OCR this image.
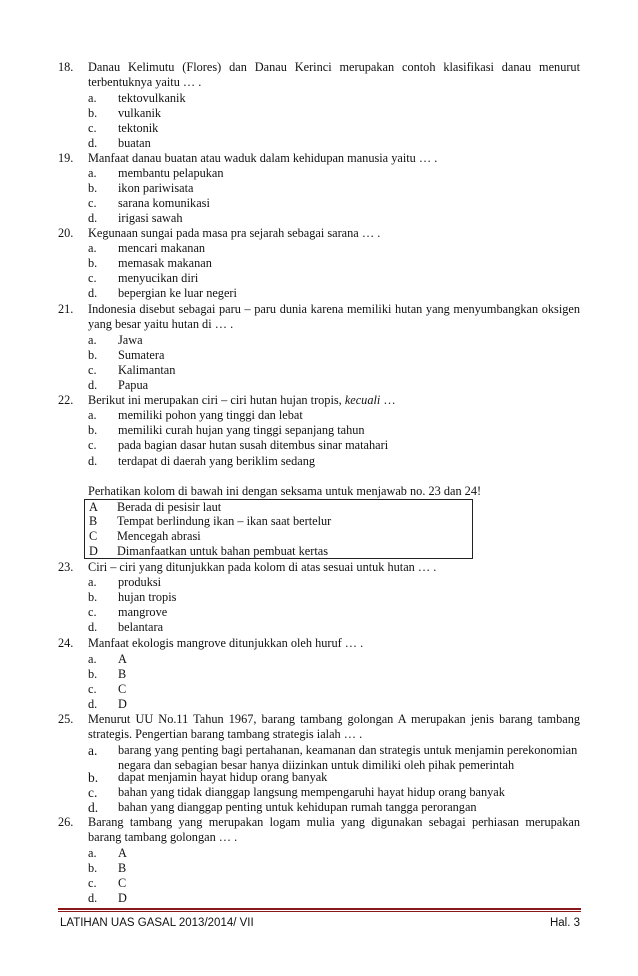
18.	Danau Kelimutu (Flores) dan Danau Kerinci merupakan contoh klasifikasi danau menurut terbentuknya yaitu … .
a.	tektovulkanik
b.	vulkanik
c.	tektonik
d.	buatan
19.	Manfaat danau buatan atau waduk dalam kehidupan manusia yaitu … .
a.	membantu pelapukan
b.	ikon pariwisata
c.	sarana komunikasi
d.	irigasi sawah
20.	Kegunaan sungai pada masa pra sejarah sebagai sarana … .
a.	mencari makanan
b.	memasak makanan
c.	menyucikan diri
d.	bepergian ke luar negeri
21.	Indonesia disebut sebagai paru – paru dunia karena memiliki hutan yang menyumbangkan oksigen yang besar yaitu hutan di … .
a.	Jawa
b.	Sumatera
c.	Kalimantan
d.	Papua
22.	Berikut ini merupakan ciri – ciri hutan hujan tropis, kecuali …
a.	memiliki pohon yang tinggi dan lebat
b.	memiliki curah hujan yang tinggi sepanjang tahun
c.	pada bagian dasar hutan susah ditembus sinar matahari
d.	terdapat di daerah yang beriklim sedang
Perhatikan kolom di bawah ini dengan seksama untuk menjawab no. 23 dan 24!
A	Berada di pesisir laut
B	Tempat berlindung ikan – ikan saat bertelur
C	Mencegah abrasi
D	Dimanfaatkan untuk bahan pembuat kertas
23.	Ciri – ciri yang ditunjukkan pada kolom di atas sesuai untuk hutan … .
a.	produksi
b.	hujan tropis
c.	mangrove
d.	belantara
24.	Manfaat ekologis mangrove ditunjukkan oleh huruf … .
a.	A
b.	B
c.	C
d.	D
25.	Menurut UU No.11 Tahun 1967, barang tambang golongan A merupakan jenis barang tambang strategis. Pengertian barang tambang strategis ialah … .
a.	barang yang penting bagi pertahanan, keamanan dan strategis untuk menjamin perekonomian negara dan sebagian besar hanya diizinkan untuk dimiliki oleh pihak pemerintah
b.	dapat menjamin hayat hidup orang banyak
c.	bahan yang tidak dianggap langsung mempengaruhi hayat hidup orang banyak
d.	bahan yang dianggap penting untuk kehidupan rumah tangga perorangan
26.	Barang tambang yang merupakan logam mulia yang digunakan sebagai perhiasan merupakan barang tambang golongan … .
a.	A
b.	B
c.	C
d.	D
LATIHAN UAS GASAL 2013/2014/ VII	Hal. 3
